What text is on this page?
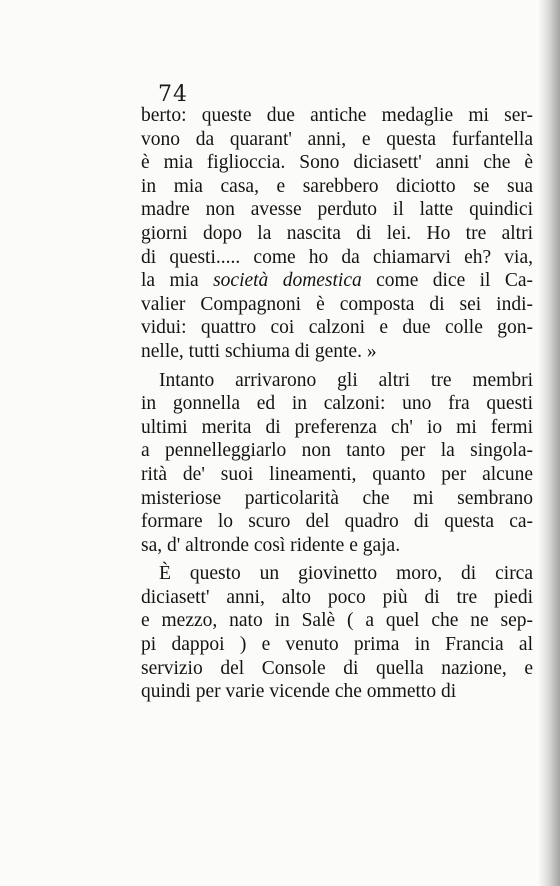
74
berto: queste due antiche medaglie mi ser-
vono da quarant' anni, e questa furfantella
è mia figlioccia. Sono diciasett' anni che è
in mia casa, e sarebbero diciotto se sua
madre non avesse perduto il latte quindici
giorni dopo la nascita di lei. Ho tre altri
di questi..... come ho da chiamarvi eh? via,
la mia società domestica come dice il Ca-
valier Compagnoni è composta di sei indi-
vidui: quattro coi calzoni e due colle gon-
nelle, tutti schiuma di gente. »
Intanto arrivarono gli altri tre membri
in gonnella ed in calzoni: uno fra questi
ultimi merita di preferenza ch' io mi fermi
a pennelleggiarlo non tanto per la singola-
rità de' suoi lineamenti, quanto per alcune
misteriose particolarità che mi sembrano
formare lo scuro del quadro di questa ca-
sa, d' altronde così ridente e gaja.
È questo un giovinetto moro, di circa
diciasett' anni, alto poco più di tre piedi
e mezzo, nato in Salè ( a quel che ne sep-
pi dappoi ) e venuto prima in Francia al
servizio del Console di quella nazione, e
quindi per varie vicende che ommetto di
